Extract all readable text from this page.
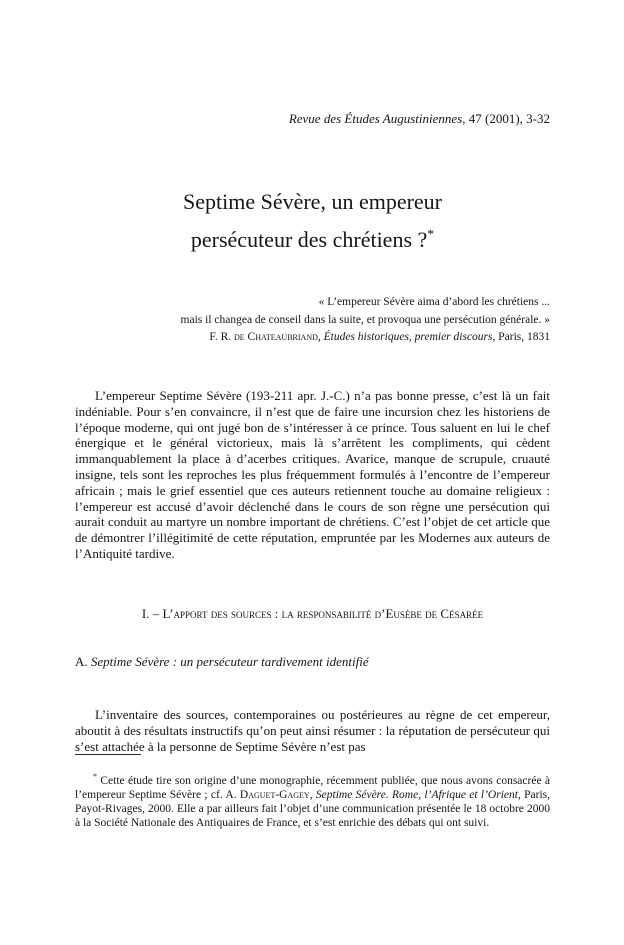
Revue des Études Augustiniennes, 47 (2001), 3-32
Septime Sévère, un empereur
persécuteur des chrétiens ?*
« L’empereur Sévère aima d’abord les chrétiens ...
mais il changea de conseil dans la suite, et provoqua une persécution générale. »
F. R. de Chateaubriand, Études historiques, premier discours, Paris, 1831

L’empereur Septime Sévère (193-211 apr. J.-C.) n’a pas bonne presse, c’est là un fait indéniable. Pour s’en convaincre, il n’est que de faire une incursion chez les historiens de l’époque moderne, qui ont jugé bon de s’intéresser à ce prince. Tous saluent en lui le chef énergique et le général victorieux, mais là s’arrêtent les compliments, qui cèdent immanquablement la place à d’acerbes critiques. Avarice, manque de scrupule, cruauté insigne, tels sont les reproches les plus fréquemment formulés à l’encontre de l’empereur africain ; mais le grief essentiel que ces auteurs retiennent touche au domaine religieux : l’empereur est accusé d’avoir déclenché dans le cours de son règne une persécution qui aurait conduit au martyre un nombre important de chrétiens. C’est l’objet de cet article que de démontrer l’illégitimité de cette réputation, empruntée par les Modernes aux auteurs de l’Antiquité tardive.

I. – L’apport des sources : la responsabilité d’Eusèbe de Césarée
A. Septime Sévère : un persécuteur tardivement identifié

L’inventaire des sources, contemporaines ou postérieures au règne de cet empereur, aboutit à des résultats instructifs qu’on peut ainsi résumer : la réputation de persécuteur qui s’est attachée à la personne de Septime Sévère n’est pas

* Cette étude tire son origine d’une monographie, récemment publiée, que nous avons consacrée à l’empereur Septime Sévère ; cf. A. Daguet-Gagey, Septime Sévère. Rome, l’Afrique et l’Orient, Paris, Payot-Rivages, 2000. Elle a par ailleurs fait l’objet d’une communication présentée le 18 octobre 2000 à la Société Nationale des Antiquaires de France, et s’est enrichie des débats qui ont suivi.
